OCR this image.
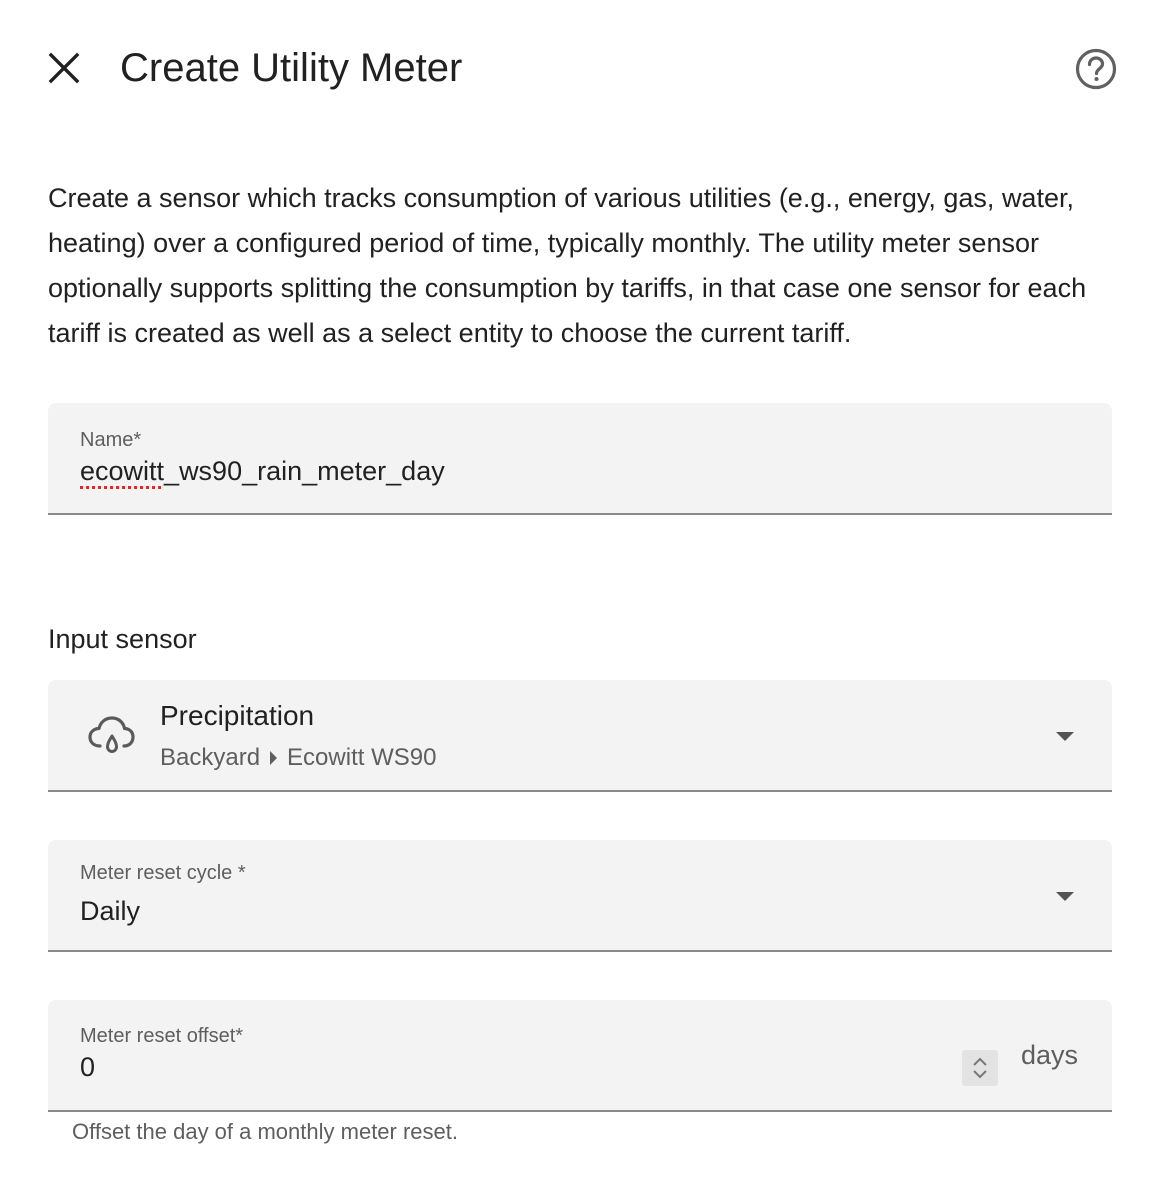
Create Utility Meter
Create a sensor which tracks consumption of various utilities (e.g., energy, gas, water, heating) over a configured period of time, typically monthly. The utility meter sensor optionally supports splitting the consumption by tariffs, in that case one sensor for each tariff is created as well as a select entity to choose the current tariff.
Name*
ecowitt_ws90_rain_meter_day
Input sensor
Precipitation
Backyard Ecowitt WS90
Meter reset cycle *
Daily
Meter reset offset*
0	days
Offset the day of a monthly meter reset.
